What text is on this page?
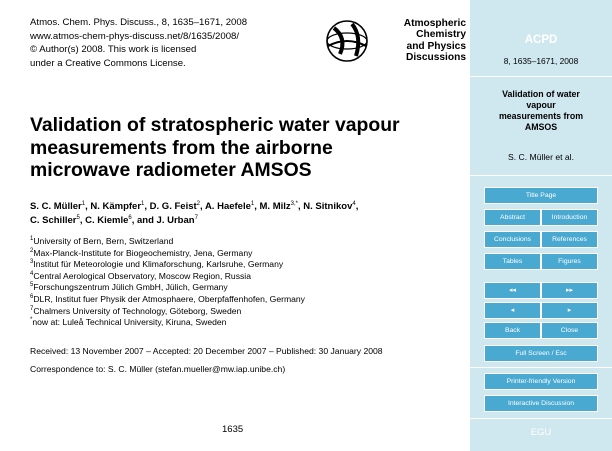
Atmos. Chem. Phys. Discuss., 8, 1635–1671, 2008
www.atmos-chem-phys-discuss.net/8/1635/2008/
© Author(s) 2008. This work is licensed
under a Creative Commons License.
Atmospheric
Chemistry
and Physics
Discussions
Validation of stratospheric water vapour
measurements from the airborne
microwave radiometer AMSOS
S. C. Müller$^1$, N. Kämpfer$^1$, D. G. Feist$^2$, A. Haefele$^1$, M. Milz$^{3,*}$, N. Sitnikov$^4$,
C. Schiller$^5$, C. Kiemle$^6$, and J. Urban$^7$
$^1$University of Bern, Bern, Switzerland
$^2$Max-Planck-Institute for Biogeochemistry, Jena, Germany
$^3$Institut für Meteorologie und Klimaforschung, Karlsruhe, Germany
$^4$Central Aerological Observatory, Moscow Region, Russia
$^5$Forschungszentrum Jülich GmbH, Jülich, Germany
$^6$DLR, Institut fuer Physik der Atmosphaere, Oberpfaffenhofen, Germany
$^7$Chalmers University of Technology, Göteborg, Sweden
*now at: Luleå Technical University, Kiruna, Sweden
Received: 13 November 2007 – Accepted: 20 December 2007 – Published: 30 January 2008
Correspondence to: S. C. Müller (stefan.mueller@mw.iap.unibe.ch)
1635
ACPD
8, 1635–1671, 2008
Validation of water
vapour
measurements from
AMSOS
S. C. Müller et al.
Title Page
Abstract	Introduction
Conclusions	References
Tables	Figures
◂◂	▸▸
◂	▸
Back	Close
Full Screen / Esc
Printer-friendly Version
Interactive Discussion
EGU
